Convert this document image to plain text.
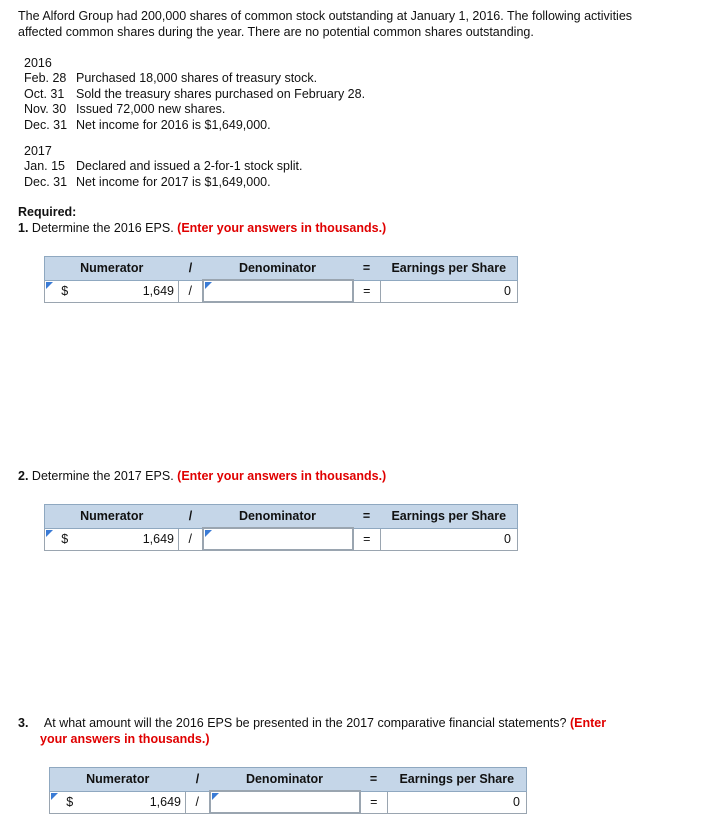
The Alford Group had 200,000 shares of common stock outstanding at January 1, 2016. The following activities affected common shares during the year. There are no potential common shares outstanding.
2016
Feb. 28 Purchased 18,000 shares of treasury stock.
Oct. 31 Sold the treasury shares purchased on February 28.
Nov. 30 Issued 72,000 new shares.
Dec. 31 Net income for 2016 is $1,649,000.
2017
Jan. 15 Declared and issued a 2-for-1 stock split.
Dec. 31 Net income for 2017 is $1,649,000.
Required:
1. Determine the 2016 EPS. (Enter your answers in thousands.)
Numerator		/	Denominator	=	Earnings per Share

$	1,649	/		=	0
2. Determine the 2017 EPS. (Enter your answers in thousands.)
Numerator		/	Denominator	=	Earnings per Share

$	1,649	/		=	0
3. At what amount will the 2016 EPS be presented in the 2017 comparative financial statements? (Enter
your answers in thousands.)
Numerator		/	Denominator	=	Earnings per Share

$	1,649	/		=	0
